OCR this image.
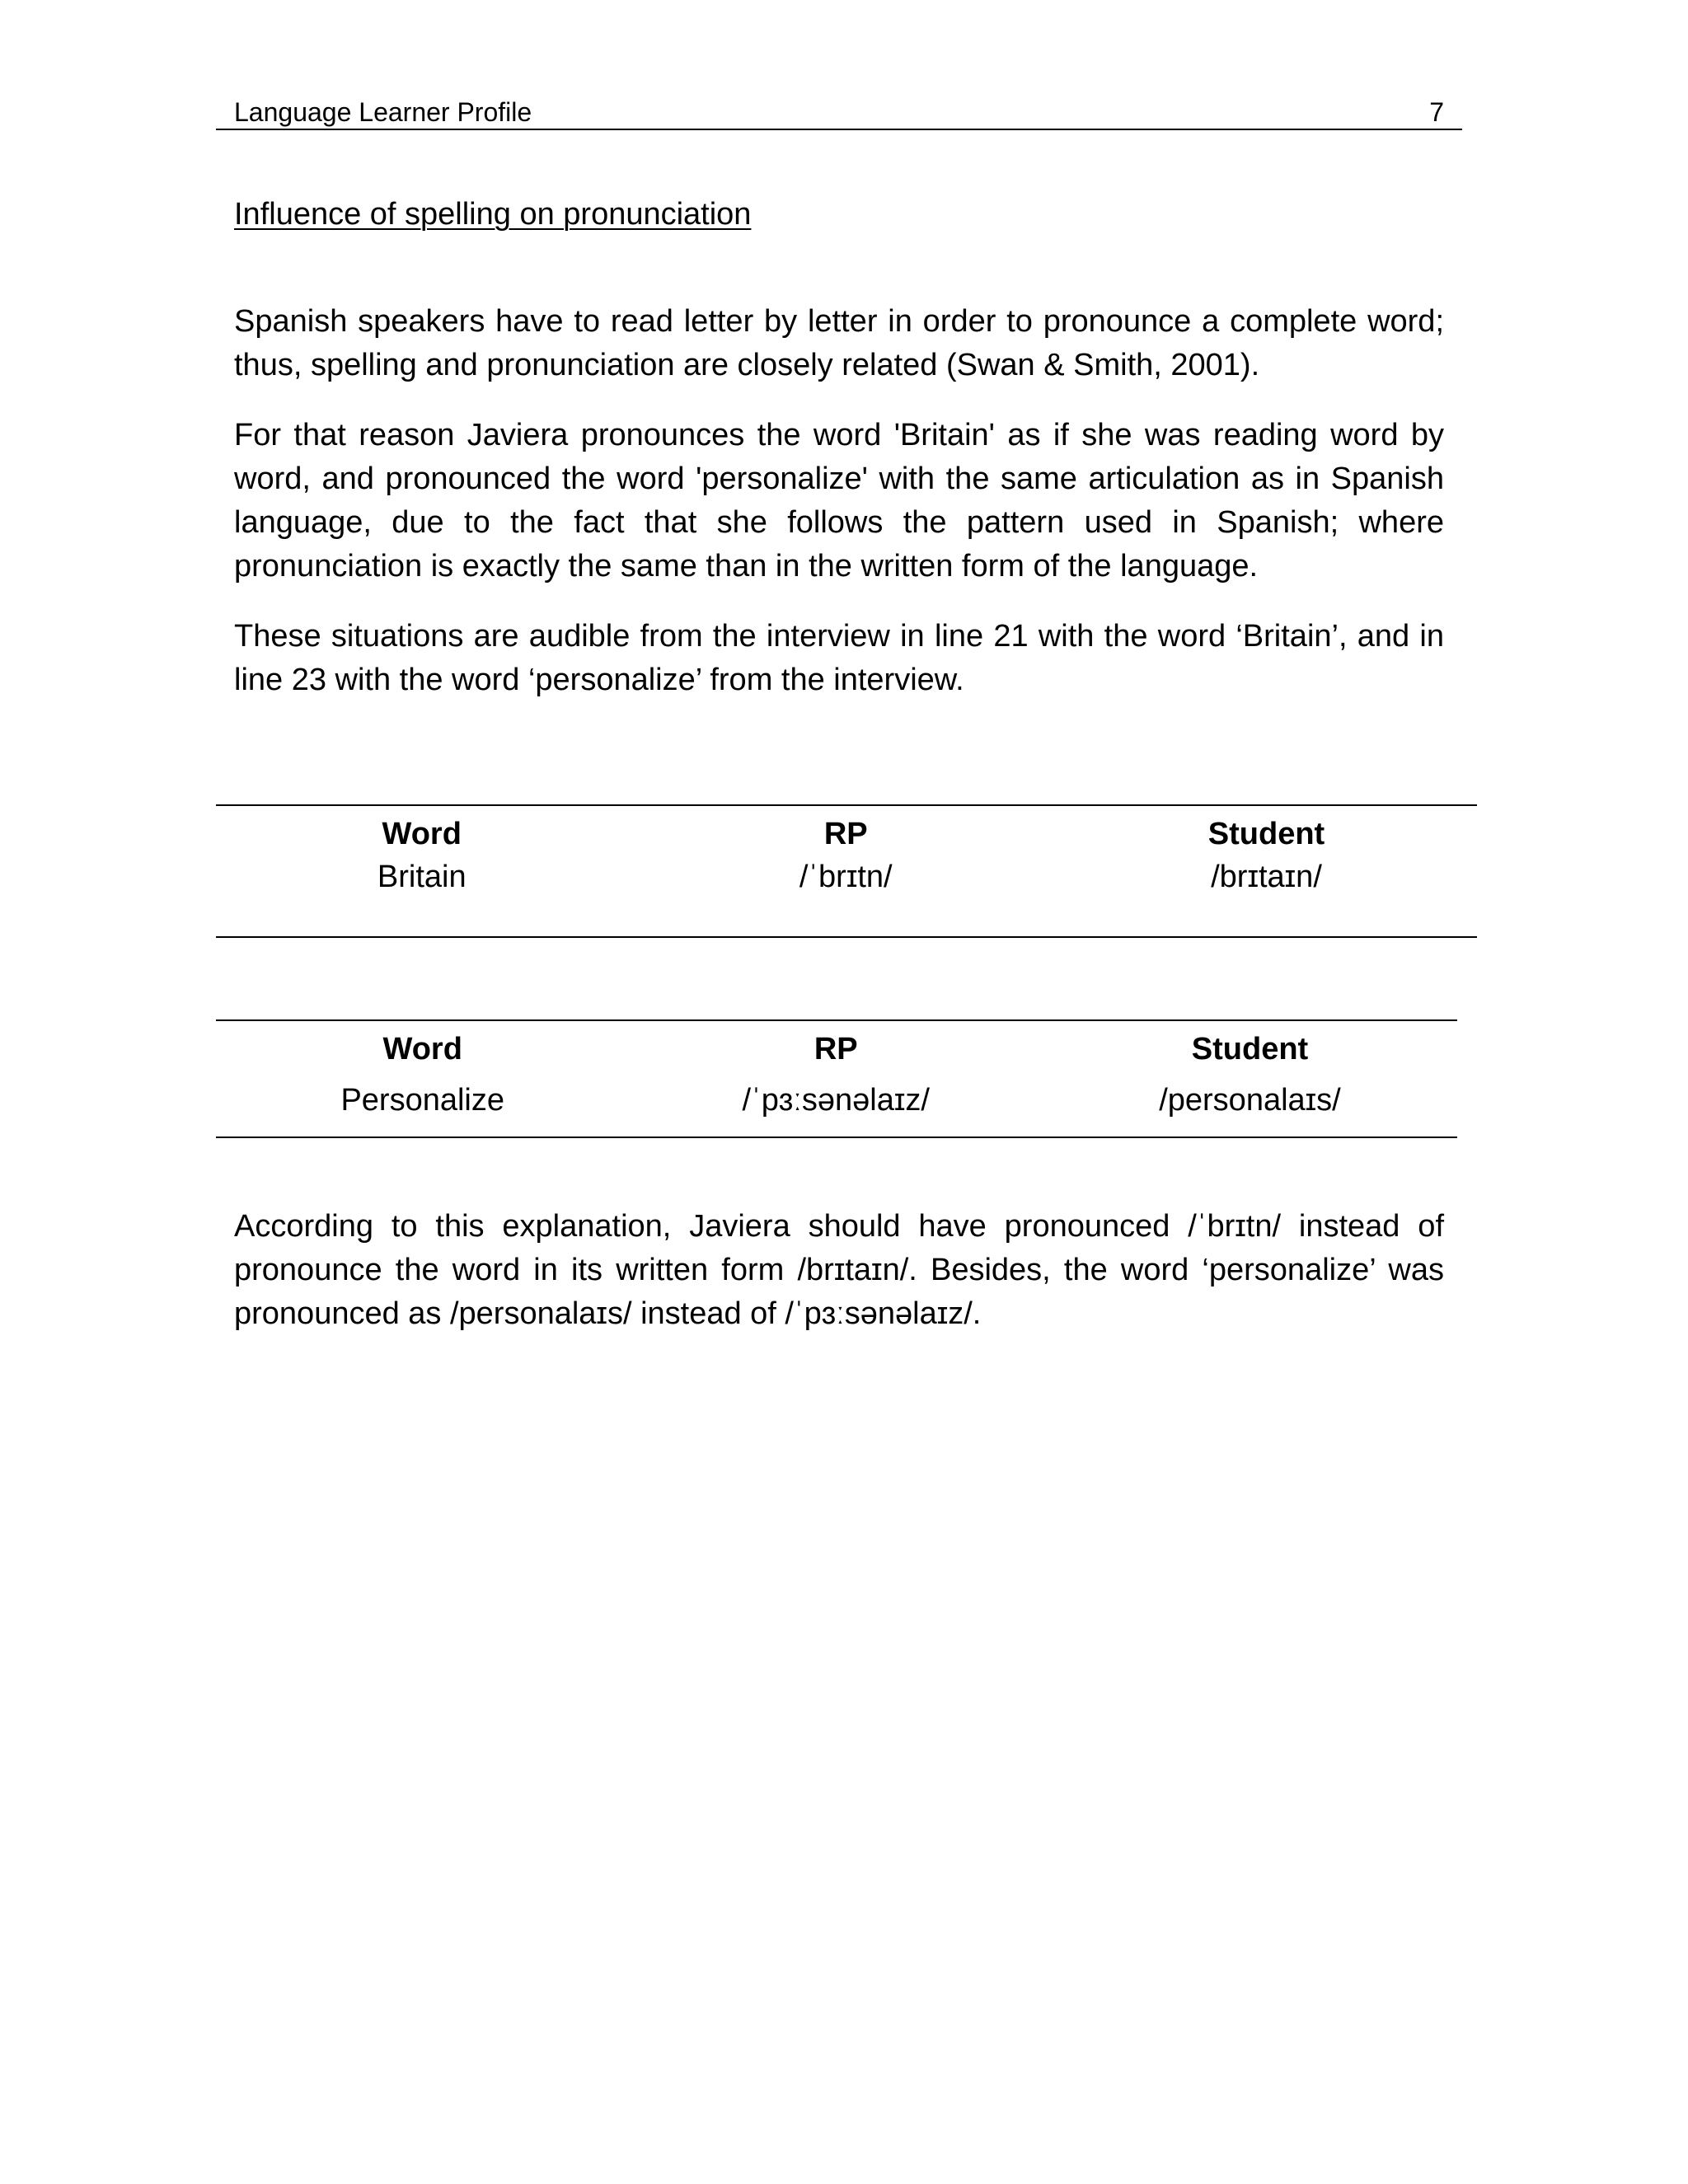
Language Learner Profile	7
Influence of spelling on pronunciation

Spanish speakers have to read letter by letter in order to pronounce a complete word; thus, spelling and pronunciation are closely related (Swan & Smith, 2001).

For that reason Javiera pronounces the word 'Britain' as if she was reading word by word, and pronounced the word 'personalize' with the same articulation as in Spanish language, due to the fact that she follows the pattern used in Spanish; where pronunciation is exactly the same than in the written form of the language.

These situations are audible from the interview in line 21 with the word ‘Britain’, and in line 23 with the word ‘personalize’ from the interview.

Word	RP	Student
Britain	/ˈbrɪtn/	/brɪtaɪn/
Word	RP	Student
Personalize	/ˈpɜːsənəlaɪz/	/personalaɪs/

According to this explanation, Javiera should have pronounced /ˈbrɪtn/ instead of pronounce the word in its written form /brɪtaɪn/. Besides, the word ‘personalize’ was pronounced as /personalaɪs/ instead of /ˈpɜːsənəlaɪz/.
